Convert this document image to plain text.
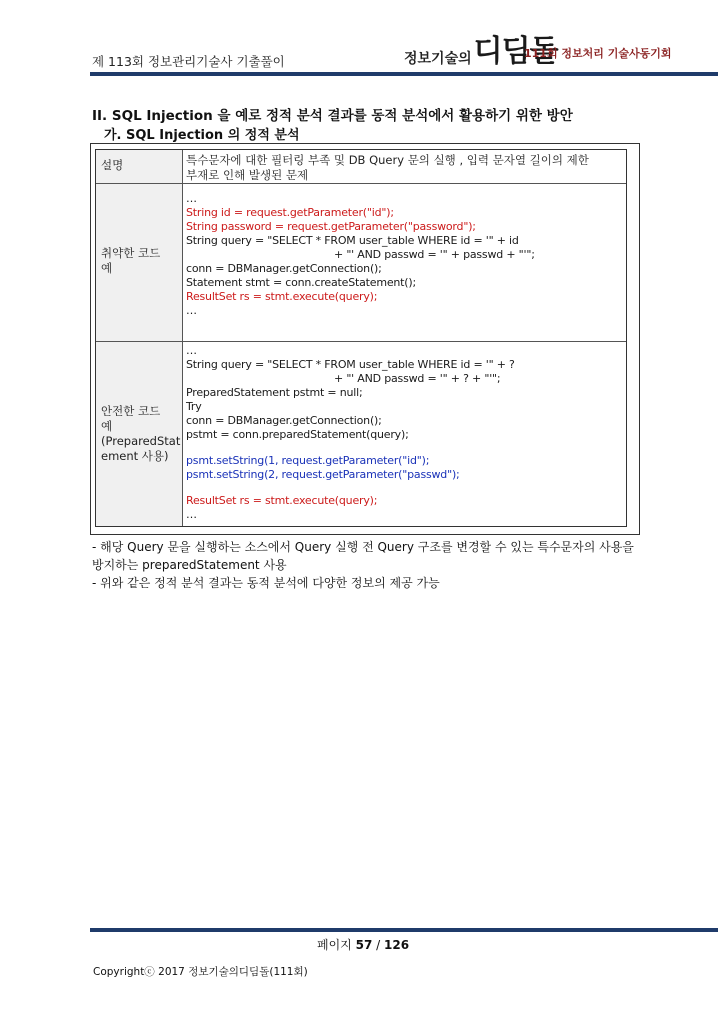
제 113회 정보관리기술사 기출풀이	정보기술의 디딤돌
111회 정보처리 기술사동기회
II. SQL Injection 을 예로 정적 분석 결과를 동적 분석에서 활용하기 위한 방안
가. SQL Injection 의 정적 분석
설명	특수문자에 대한 필터링 부족 및 DB Query 문의 실행 , 입력 문자열 길이의 제한
부재로 인해 발생된 문제
취약한 코드
예
…
String id = request.getParameter("id");
String password = request.getParameter("password");
String query = "SELECT * FROM user_table WHERE id = '" + id
+ "' AND passwd = '" + passwd + "'";
conn = DBManager.getConnection();
Statement stmt = conn.createStatement();
ResultSet rs = stmt.execute(query);
…
안전한 코드
예
(PreparedStat
ement 사용)
…
String query = "SELECT * FROM user_table WHERE id = '" + ?
+ "' AND passwd = '" + ? + "'";
PreparedStatement pstmt = null;
Try
conn = DBManager.getConnection();
pstmt = conn.preparedStatement(query);
psmt.setString(1, request.getParameter("id");
psmt.setString(2, request.getParameter("passwd");
ResultSet rs = stmt.execute(query);
…
- 해당 Query 문을 실행하는 소스에서 Query 실행 전 Query 구조를 변경할 수 있는 특수문자의 사용을
방지하는 preparedStatement 사용
- 위와 같은 정적 분석 결과는 동적 분석에 다양한 정보의 제공 가능
페이지 57 / 126
Copyrightⓒ 2017 정보기술의디딤돌(111회)
